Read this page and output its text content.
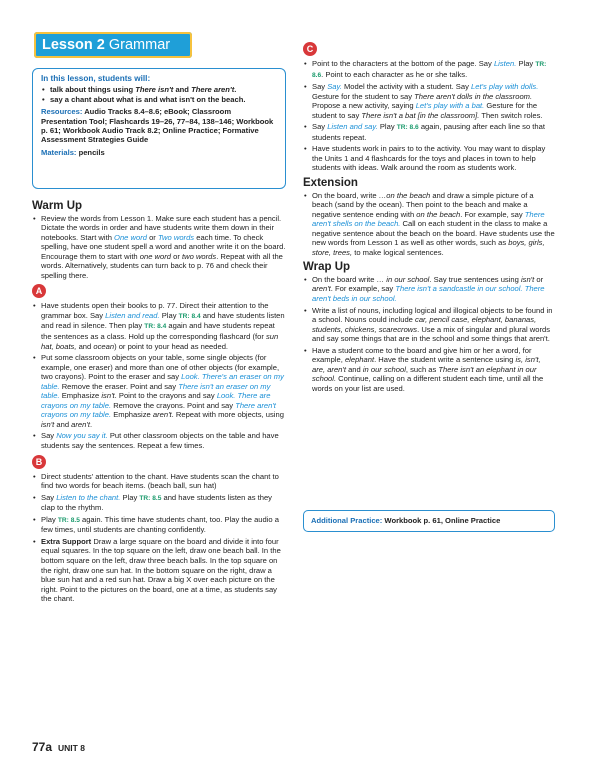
Lesson 2 Grammar
In this lesson, students will:
• talk about things using There isn't and There aren't.
• say a chant about what is and what isn't on the beach.

Resources: Audio Tracks 8.4–8.6; eBook; Classroom Presentation Tool; Flashcards 19–26, 77–84, 138–146; Workbook p. 61; Workbook Audio Track 8.2; Online Practice; Formative Assessment Strategies Guide

Materials: pencils

Warm Up
• Review the words from Lesson 1. Make sure each student has a pencil. Dictate the words in order and have students write them down in their notebooks. Start with One word or Two words each time. To check spelling, have one student spell a word and another write it on the board. Encourage them to start with one word or two words. Repeat with all the words. Alternatively, students can turn back to p. 76 and check their spelling there.
A
• Have students open their books to p. 77. Direct their attention to the grammar box. Say Listen and read. Play TR: 8.4 and have students listen and read in silence. Then play TR: 8.4 again and have students repeat the sentences as a class. Hold up the corresponding flashcard (for sun hat, boats, and ocean) or point to your head as needed.
• Put some classroom objects on your table, some single objects (for example, one eraser) and more than one of other objects (for example, two crayons). Point to the eraser and say Look. There's an eraser on my table. Remove the eraser. Point and say There isn't an eraser on my table. Emphasize isn't. Point to the crayons and say Look. There are crayons on my table. Remove the crayons. Point and say There aren't crayons on my table. Emphasize aren't. Repeat with more objects, using isn't and aren't.
• Say Now you say it. Put other classroom objects on the table and have students say the sentences. Repeat a few times.
B
• Direct students' attention to the chant. Have students scan the chant to find two words for beach items. (beach ball, sun hat)
• Say Listen to the chant. Play TR: 8.5 and have students listen as they clap to the rhythm.
• Play TR: 8.5 again. This time have students chant, too. Play the audio a few times, until students are chanting confidently.
• Extra Support Draw a large square on the board and divide it into four equal squares. In the top square on the left, draw one beach ball. In the bottom square on the left, draw three beach balls. In the top square on the right, draw one sun hat. In the bottom square on the right, draw a blue sun hat and a red sun hat. Draw a big X over each picture on the right. Point to the pictures on the board, one at a time, as students say the chant.
C
• Point to the characters at the bottom of the page. Say Listen. Play TR: 8.6. Point to each character as he or she talks.
• Say Say. Model the activity with a student. Say Let's play with dolls. Gesture for the student to say There aren't dolls in the classroom. Propose a new activity, saying Let's play with a bat. Gesture for the student to say There isn't a bat [in the classroom]. Then switch roles.
• Say Listen and say. Play TR: 8.6 again, pausing after each line so that students repeat.
• Have students work in pairs to to the activity. You may want to display the Units 1 and 4 flashcards for the toys and places in town to help students with ideas. Walk around the room as students work.
Extension
• On the board, write …on the beach and draw a simple picture of a beach (sand by the ocean). Then point to the beach and make a negative sentence ending with on the beach. For example, say There aren't shells on the beach. Call on each student in the class to make a negative sentence about the beach on the board. Have students use the new words from Lesson 1 as well as other words, such as boys, girls, store, trees, to make logical sentences.
Wrap Up
• On the board write … in our school. Say true sentences using isn't or aren't. For example, say There isn't a sandcastle in our school. There aren't beds in our school.
• Write a list of nouns, including logical and illogical objects to be found in a school. Nouns could include car, pencil case, elephant, bananas, students, chickens, scarecrows. Use a mix of singular and plural words and say some things that are in the school and some things that aren't.
• Have a student come to the board and give him or her a word, for example, elephant. Have the student write a sentence using is, isn't, are, aren't and in our school, such as There isn't an elephant in our school. Continue, calling on a different student each time, until all the words on your list are used.
Additional Practice: Workbook p. 61, Online Practice
77a UNIT 8
